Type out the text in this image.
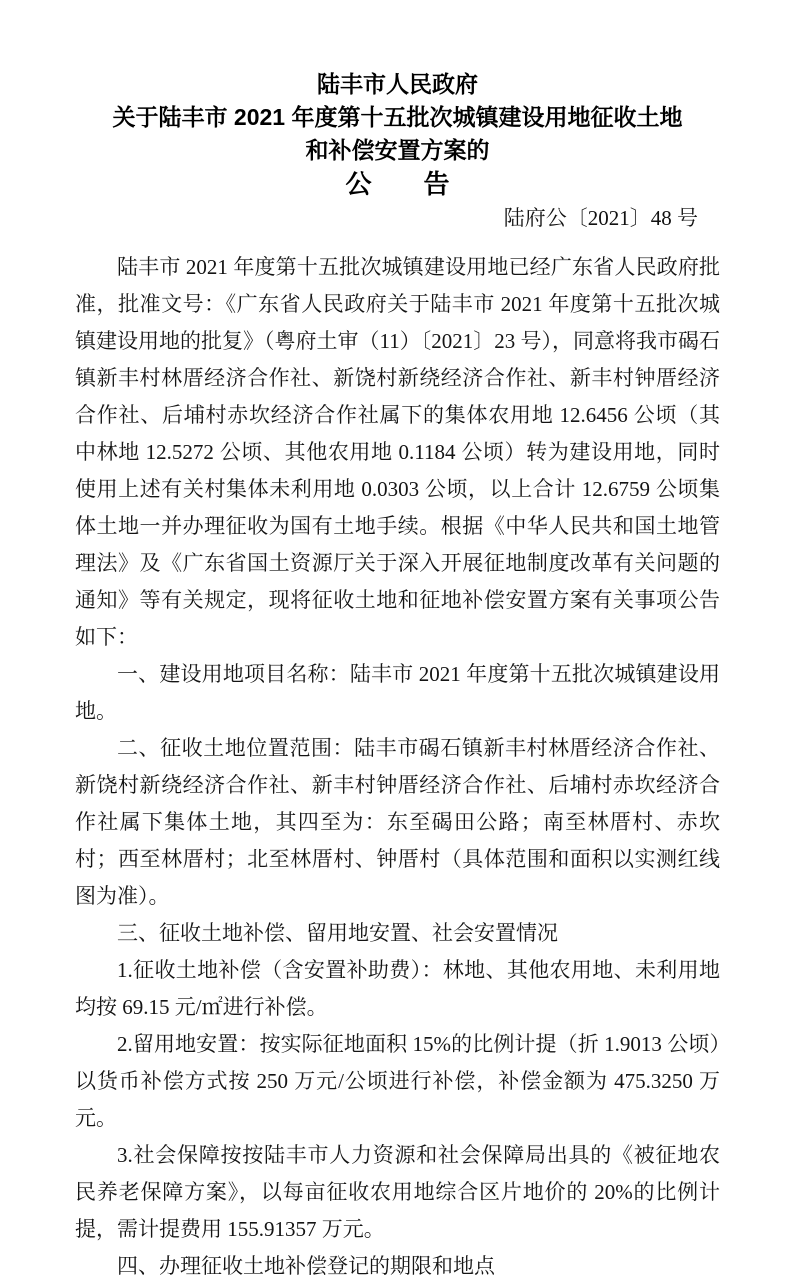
陆丰市人民政府
关于陆丰市 2021 年度第十五批次城镇建设用地征收土地
和补偿安置方案的
公　　告
陆府公〔2021〕48 号

陆丰市 2021 年度第十五批次城镇建设用地已经广东省人民政府批准，批准文号：《广东省人民政府关于陆丰市 2021 年度第十五批次城镇建设用地的批复》（粤府土审（11）〔2021〕23 号），同意将我市碣石镇新丰村林厝经济合作社、新饶村新绕经济合作社、新丰村钟厝经济合作社、后埔村赤坎经济合作社属下的集体农用地 12.6456 公顷（其中林地 12.5272 公顷、其他农用地 0.1184 公顷）转为建设用地，同时使用上述有关村集体未利用地 0.0303 公顷，以上合计 12.6759 公顷集体土地一并办理征收为国有土地手续。根据《中华人民共和国土地管理法》及《广东省国土资源厅关于深入开展征地制度改革有关问题的通知》等有关规定，现将征收土地和征地补偿安置方案有关事项公告如下：

一、建设用地项目名称：陆丰市 2021 年度第十五批次城镇建设用地。

二、征收土地位置范围：陆丰市碣石镇新丰村林厝经济合作社、新饶村新绕经济合作社、新丰村钟厝经济合作社、后埔村赤坎经济合作社属下集体土地，其四至为：东至碣田公路；南至林厝村、赤坎村；西至林厝村；北至林厝村、钟厝村（具体范围和面积以实测红线图为准）。

三、征收土地补偿、留用地安置、社会安置情况

1.征收土地补偿（含安置补助费）：林地、其他农用地、未利用地均按 69.15 元/㎡进行补偿。

2.留用地安置：按实际征地面积 15%的比例计提（折 1.9013 公顷）以货币补偿方式按 250 万元/公顷进行补偿，补偿金额为 475.3250 万元。

3.社会保障按按陆丰市人力资源和社会保障局出具的《被征地农民养老保障方案》，以每亩征收农用地综合区片地价的 20%的比例计提，需计提费用 155.91357 万元。

四、办理征收土地补偿登记的期限和地点
